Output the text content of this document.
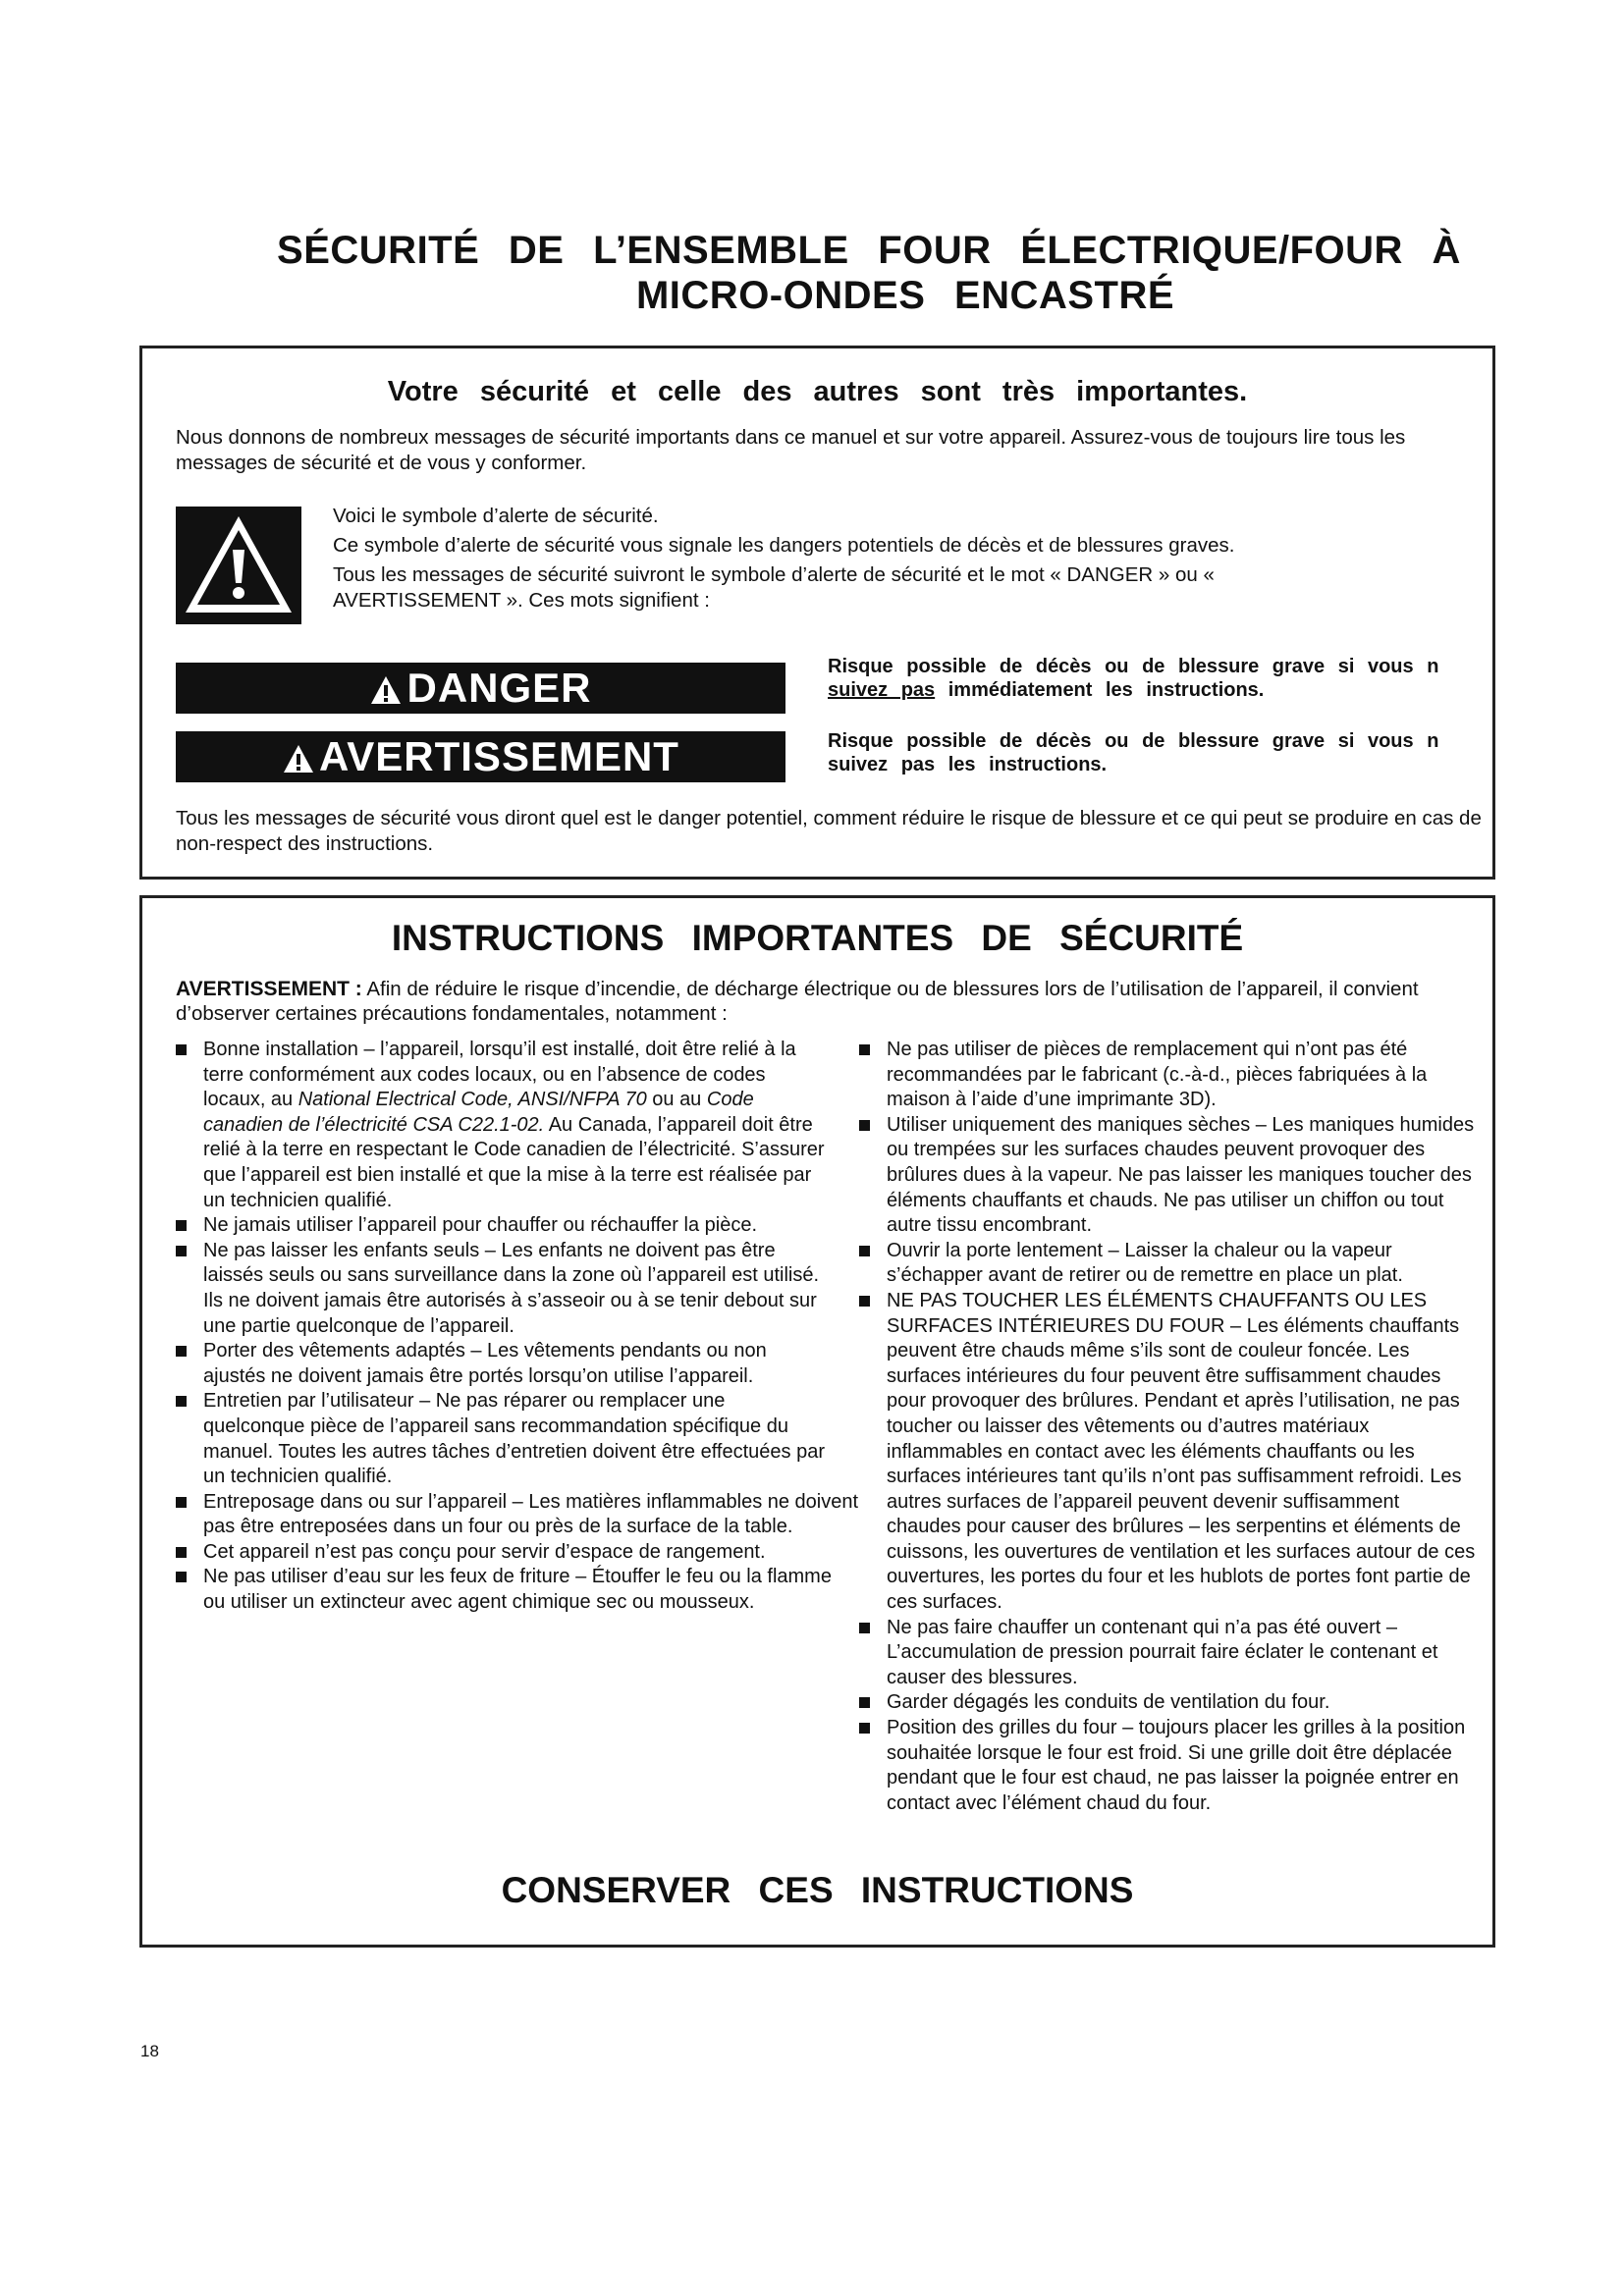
SÉCURITÉ DE L’ENSEMBLE FOUR ÉLECTRIQUE/FOUR À
MICRO-ONDES ENCASTRÉ
Votre sécurité et celle des autres sont très importantes.
Nous donnons de nombreux messages de sécurité importants dans ce manuel et sur votre appareil. Assurez-vous de toujours lire tous les messages de sécurité et de vous y conformer.
Voici le symbole d’alerte de sécurité.
Ce symbole d’alerte de sécurité vous signale les dangers potentiels de décès et de blessures graves.
Tous les messages de sécurité suivront le symbole d’alerte de sécurité et le mot « DANGER » ou « AVERTISSEMENT ». Ces mots signifient :
DANGER	Risque possible de décès ou de blessure grave si vous n
suivez pas immédiatement les instructions.
AVERTISSEMENT	Risque possible de décès ou de blessure grave si vous n
suivez pas les instructions.
Tous les messages de sécurité vous diront quel est le danger potentiel, comment réduire le risque de blessure et ce qui peut se produire en cas de non-respect des instructions.
INSTRUCTIONS IMPORTANTES DE SÉCURITÉ
AVERTISSEMENT : Afin de réduire le risque d’incendie, de décharge électrique ou de blessures lors de l’utilisation de l’appareil, il convient d’observer certaines précautions fondamentales, notamment :
Bonne installation – l’appareil, lorsqu’il est installé, doit être relié à la terre conformément aux codes locaux, ou en l’absence de codes locaux, au National Electrical Code, ANSI/NFPA 70 ou au Code canadien de l’électricité CSA C22.1-02. Au Canada, l’appareil doit être relié à la terre en respectant le Code canadien de l’électricité. S’assurer que l’appareil est bien installé et que la mise à la terre est réalisée par un technicien qualifié.
Ne jamais utiliser l’appareil pour chauffer ou réchauffer la pièce.
Ne pas laisser les enfants seuls – Les enfants ne doivent pas être laissés seuls ou sans surveillance dans la zone où l’appareil est utilisé. Ils ne doivent jamais être autorisés à s’asseoir ou à se tenir debout sur une partie quelconque de l’appareil.
Porter des vêtements adaptés – Les vêtements pendants ou non ajustés ne doivent jamais être portés lorsqu’on utilise l’appareil.
Entretien par l’utilisateur – Ne pas réparer ou remplacer une quelconque pièce de l’appareil sans recommandation spécifique du manuel. Toutes les autres tâches d’entretien doivent être effectuées par un technicien qualifié.
Entreposage dans ou sur l’appareil – Les matières inflammables ne doivent pas être entreposées dans un four ou près de la surface de la table.
Cet appareil n’est pas conçu pour servir d’espace de rangement.
Ne pas utiliser d’eau sur les feux de friture – Étouffer le feu ou la flamme ou utiliser un extincteur avec agent chimique sec ou mousseux.
Ne pas utiliser de pièces de remplacement qui n’ont pas été recommandées par le fabricant (c.-à-d., pièces fabriquées à la maison à l’aide d’une imprimante 3D).
Utiliser uniquement des maniques sèches – Les maniques humides ou trempées sur les surfaces chaudes peuvent provoquer des brûlures dues à la vapeur. Ne pas laisser les maniques toucher des éléments chauffants et chauds. Ne pas utiliser un chiffon ou tout autre tissu encombrant.
Ouvrir la porte lentement – Laisser la chaleur ou la vapeur s’échapper avant de retirer ou de remettre en place un plat.
NE PAS TOUCHER LES ÉLÉMENTS CHAUFFANTS OU LES SURFACES INTÉRIEURES DU FOUR – Les éléments chauffants peuvent être chauds même s’ils sont de couleur foncée. Les surfaces intérieures du four peuvent être suffisamment chaudes pour provoquer des brûlures. Pendant et après l’utilisation, ne pas toucher ou laisser des vêtements ou d’autres matériaux inflammables en contact avec les éléments chauffants ou les surfaces intérieures tant qu’ils n’ont pas suffisamment refroidi. Les autres surfaces de l’appareil peuvent devenir suffisamment chaudes pour causer des brûlures – les serpentins et éléments de cuissons, les ouvertures de ventilation et les surfaces autour de ces ouvertures, les portes du four et les hublots de portes font partie de ces surfaces.
Ne pas faire chauffer un contenant qui n’a pas été ouvert – L’accumulation de pression pourrait faire éclater le contenant et causer des blessures.
Garder dégagés les conduits de ventilation du four.
Position des grilles du four – toujours placer les grilles à la position souhaitée lorsque le four est froid. Si une grille doit être déplacée pendant que le four est chaud, ne pas laisser la poignée entrer en contact avec l’élément chaud du four.
CONSERVER CES INSTRUCTIONS
18
